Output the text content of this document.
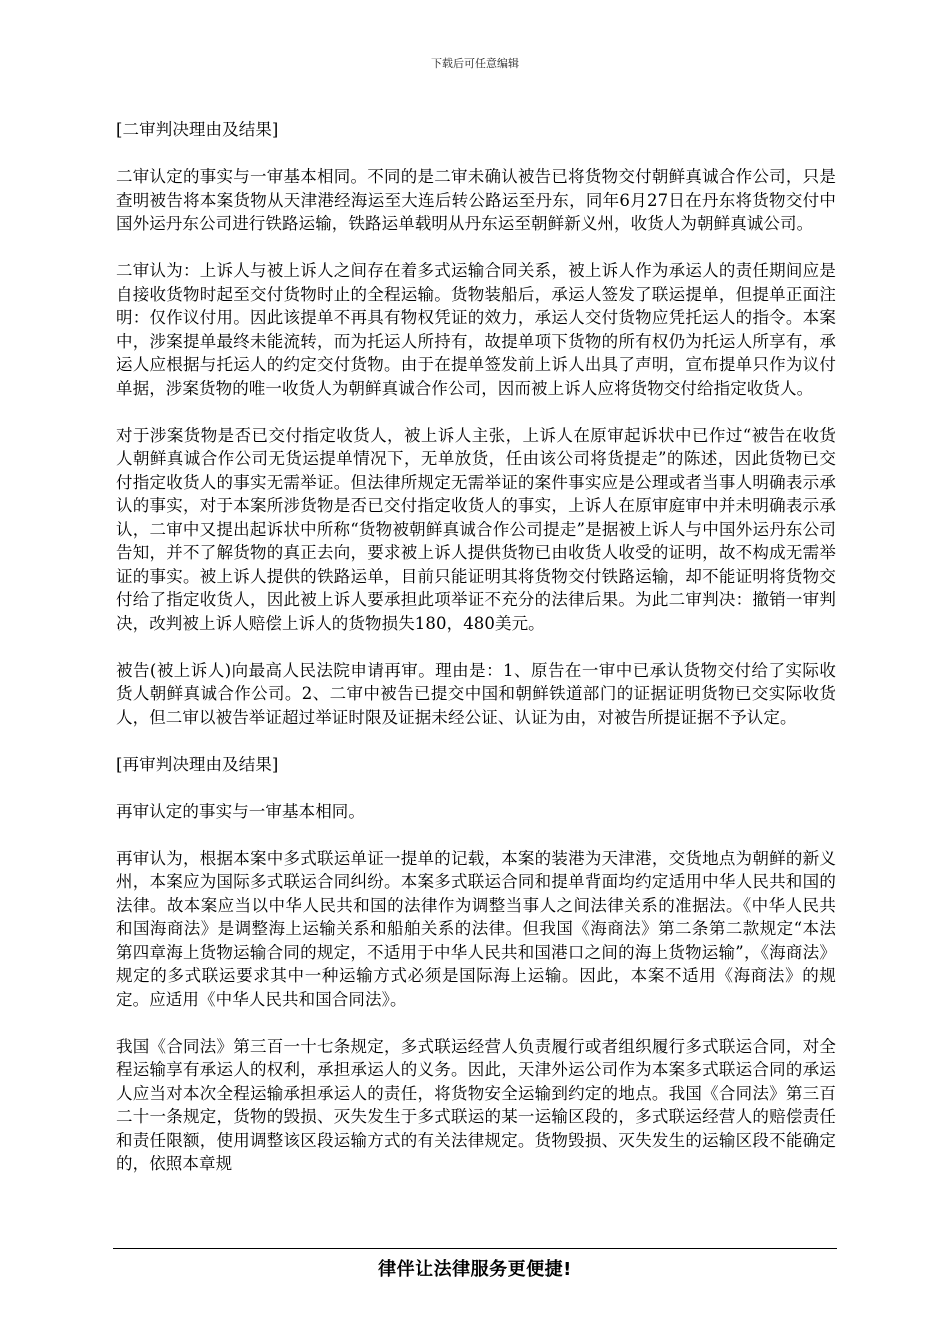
下载后可任意编辑

[二审判决理由及结果]

二审认定的事实与一审基本相同。不同的是二审未确认被告已将货物交付朝鲜真诚合作公司，只是查明被告将本案货物从天津港经海运至大连后转公路运至丹东，同年6月27日在丹东将货物交付中国外运丹东公司进行铁路运输，铁路运单载明从丹东运至朝鲜新义州，收货人为朝鲜真诚公司。

二审认为：上诉人与被上诉人之间存在着多式运输合同关系，被上诉人作为承运人的责任期间应是自接收货物时起至交付货物时止的全程运输。货物装船后，承运人签发了联运提单，但提单正面注明：仅作议付用。因此该提单不再具有物权凭证的效力，承运人交付货物应凭托运人的指令。本案中，涉案提单最终未能流转，而为托运人所持有，故提单项下货物的所有权仍为托运人所享有，承运人应根据与托运人的约定交付货物。由于在提单签发前上诉人出具了声明，宣布提单只作为议付单据，涉案货物的唯一收货人为朝鲜真诚合作公司，因而被上诉人应将货物交付给指定收货人。

对于涉案货物是否已交付指定收货人，被上诉人主张，上诉人在原审起诉状中已作过“被告在收货人朝鲜真诚合作公司无货运提单情况下，无单放货，任由该公司将货提走”的陈述，因此货物已交付指定收货人的事实无需举证。但法律所规定无需举证的案件事实应是公理或者当事人明确表示承认的事实，对于本案所涉货物是否已交付指定收货人的事实，上诉人在原审庭审中并未明确表示承认，二审中又提出起诉状中所称“货物被朝鲜真诚合作公司提走”是据被上诉人与中国外运丹东公司告知，并不了解货物的真正去向，要求被上诉人提供货物已由收货人收受的证明，故不构成无需举证的事实。被上诉人提供的铁路运单，目前只能证明其将货物交付铁路运输，却不能证明将货物交付给了指定收货人，因此被上诉人要承担此项举证不充分的法律后果。为此二审判决：撤销一审判决，改判被上诉人赔偿上诉人的货物损失180，480美元。

被告(被上诉人)向最高人民法院申请再审。理由是：1、原告在一审中已承认货物交付给了实际收货人朝鲜真诚合作公司。2、二审中被告已提交中国和朝鲜铁道部门的证据证明货物已交实际收货人，但二审以被告举证超过举证时限及证据未经公证、认证为由，对被告所提证据不予认定。

[再审判决理由及结果]

再审认定的事实与一审基本相同。

再审认为，根据本案中多式联运单证一提单的记载，本案的装港为天津港，交货地点为朝鲜的新义州，本案应为国际多式联运合同纠纷。本案多式联运合同和提单背面均约定适用中华人民共和国的法律。故本案应当以中华人民共和国的法律作为调整当事人之间法律关系的准据法。《中华人民共和国海商法》是调整海上运输关系和船舶关系的法律。但我国《海商法》第二条第二款规定“本法第四章海上货物运输合同的规定，不适用于中华人民共和国港口之间的海上货物运输”，《海商法》规定的多式联运要求其中一种运输方式必须是国际海上运输。因此，本案不适用《海商法》的规定。应适用《中华人民共和国合同法》。

我国《合同法》第三百一十七条规定，多式联运经营人负责履行或者组织履行多式联运合同，对全程运输享有承运人的权利，承担承运人的义务。因此，天津外运公司作为本案多式联运合同的承运人应当对本次全程运输承担承运人的责任，将货物安全运输到约定的地点。我国《合同法》第三百二十一条规定，货物的毁损、灭失发生于多式联运的某一运输区段的，多式联运经营人的赔偿责任和责任限额，使用调整该区段运输方式的有关法律规定。货物毁损、灭失发生的运输区段不能确定的，依照本章规

律伴让法律服务更便捷!
